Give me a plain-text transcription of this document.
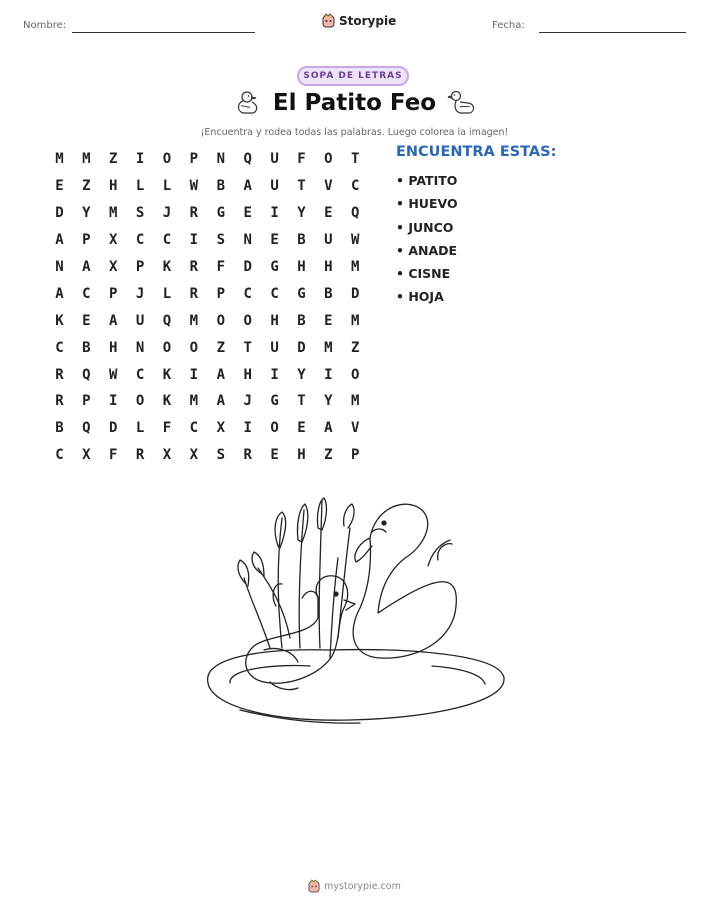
Nombre:	Storypie	Fecha:
SOPA DE LETRAS
El Patito Feo
¡Encuentra y rodea todas las palabras. Luego colorea la imagen!
M	M	Z	I	O	P	N	Q	U	F	O	T
E	Z	H	L	L	W	B	A	U	T	V	C
D	Y	M	S	J	R	G	E	I	Y	E	Q
A	P	X	C	C	I	S	N	E	B	U	W
N	A	X	P	K	R	F	D	G	H	H	M
A	C	P	J	L	R	P	C	C	G	B	D
K	E	A	U	Q	M	O	O	H	B	E	M
C	B	H	N	O	O	Z	T	U	D	M	Z
R	Q	W	C	K	I	A	H	I	Y	I	O
R	P	I	O	K	M	A	J	G	T	Y	M
B	Q	D	L	F	C	X	I	O	E	A	V
C	X	F	R	X	X	S	R	E	H	Z	P
ENCUENTRA ESTAS:
• PATITO
• HUEVO
• JUNCO
• ANADE
• CISNE
• HOJA
mystorypie.com
